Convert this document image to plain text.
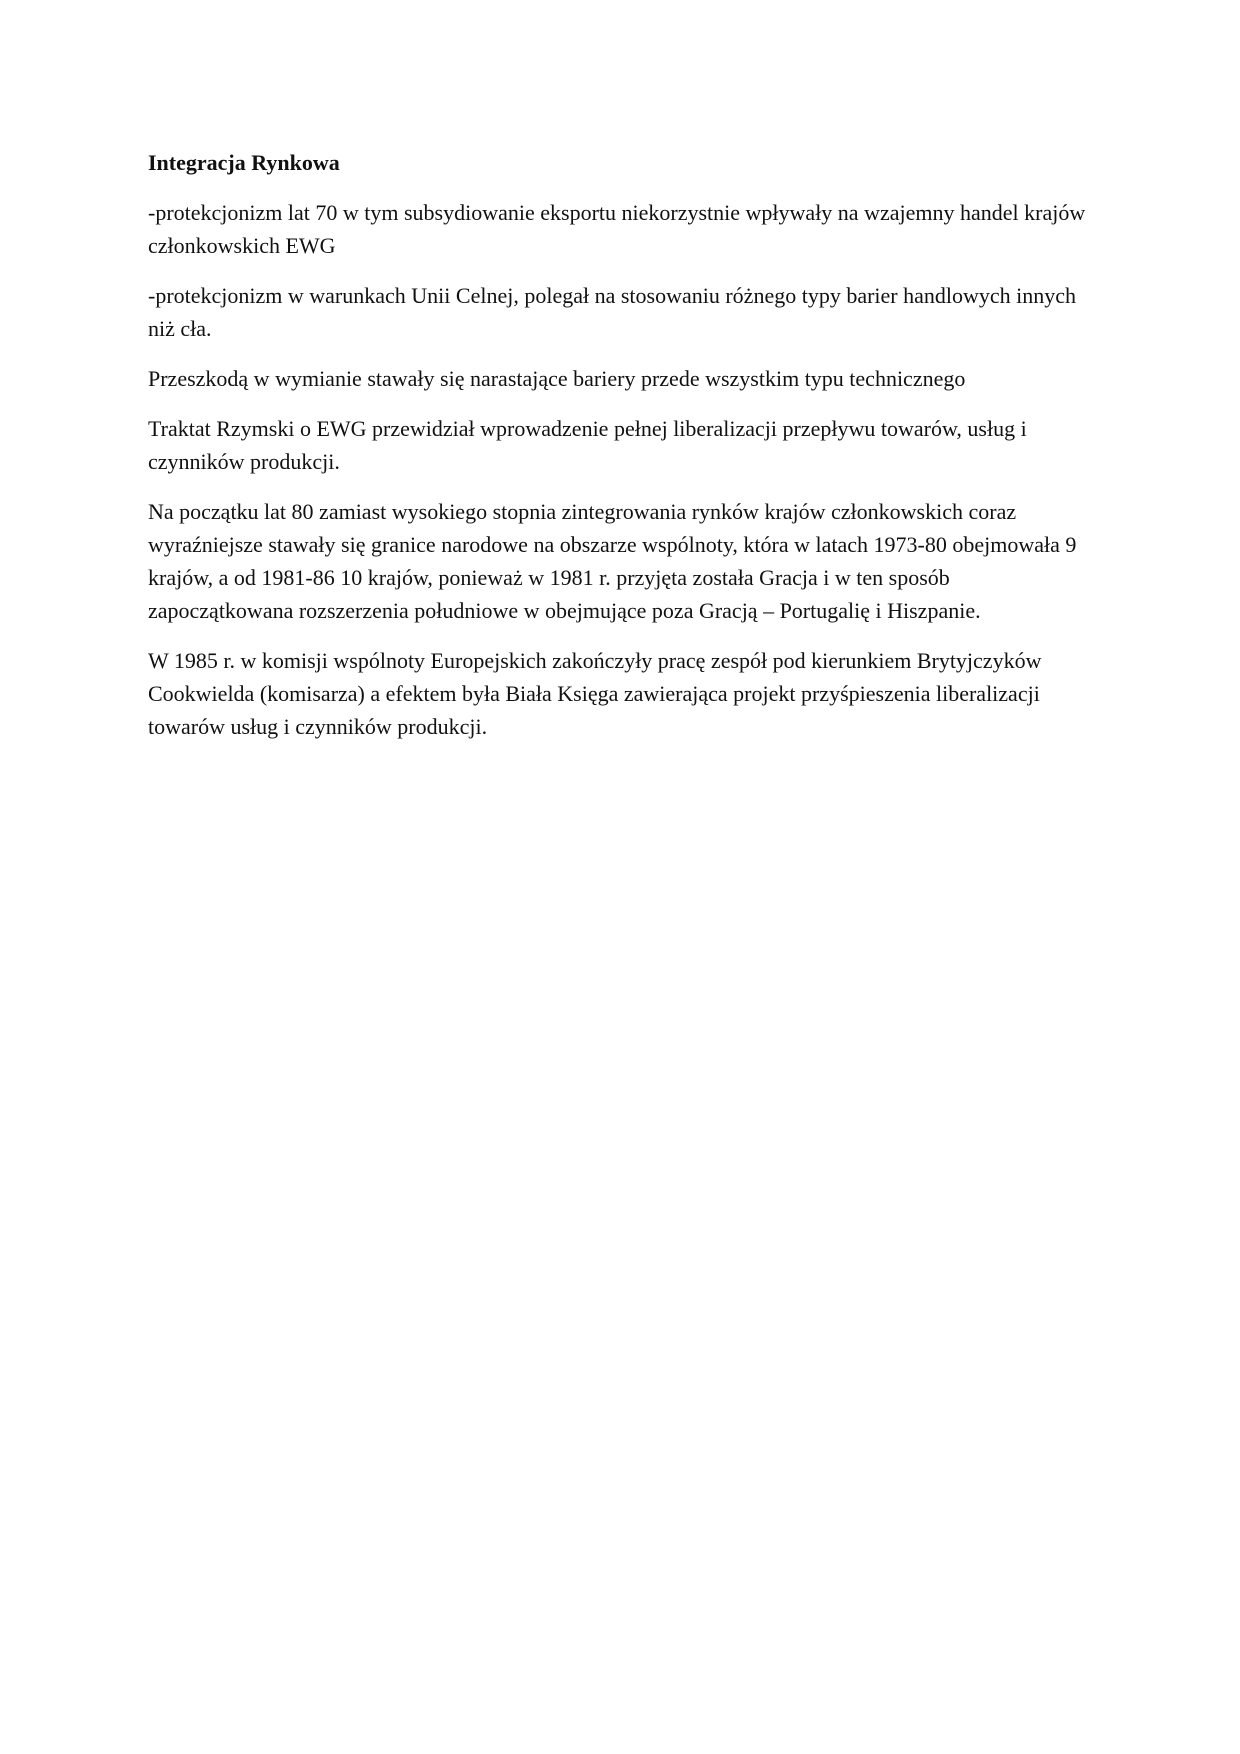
Integracja Rynkowa
-protekcjonizm lat 70 w tym subsydiowanie eksportu niekorzystnie wpływały na wzajemny handel krajów członkowskich EWG
-protekcjonizm w warunkach Unii Celnej, polegał na stosowaniu różnego typy barier handlowych innych niż cła.
Przeszkodą w wymianie stawały się narastające bariery przede wszystkim typu technicznego
Traktat Rzymski o EWG przewidział wprowadzenie pełnej liberalizacji przepływu towarów, usług i czynników produkcji.
Na początku lat 80 zamiast wysokiego stopnia zintegrowania rynków krajów członkowskich coraz wyraźniejsze stawały się granice narodowe na obszarze wspólnoty, która w latach 1973-80 obejmowała 9 krajów, a od 1981-86 10 krajów, ponieważ w 1981 r. przyjęta została Gracja i w ten sposób zapoczątkowana rozszerzenia południowe w obejmujące poza Gracją – Portugalię i Hiszpanie.
W 1985 r. w komisji wspólnoty Europejskich zakończyły pracę zespół pod kierunkiem Brytyjczyków Cookwielda (komisarza) a efektem była Biała Księga zawierająca projekt przyśpieszenia liberalizacji towarów usług i czynników produkcji.
